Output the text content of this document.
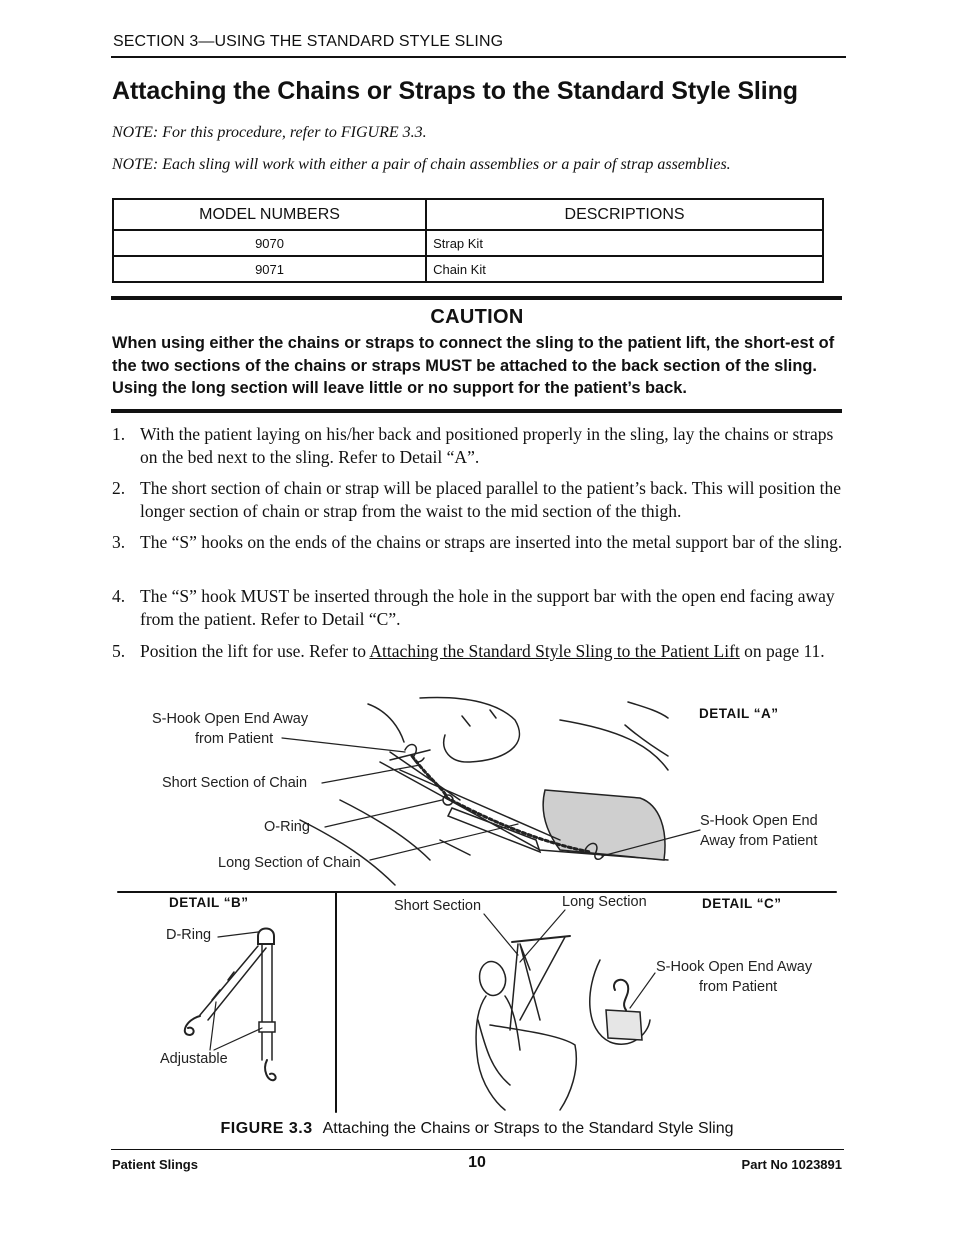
SECTION 3—USING THE STANDARD STYLE SLING
Attaching the Chains or Straps to the Standard Style Sling
NOTE: For this procedure, refer to FIGURE 3.3.
NOTE: Each sling will work with either a pair of chain assemblies or a pair of strap assemblies.
MODEL NUMBERS	DESCRIPTIONS
9070	Strap Kit
9071	Chain Kit
CAUTION
When using either the chains or straps to connect the sling to the patient lift, the short-est of the two sections of the chains or straps MUST be attached to the back section of the sling. Using the long section will leave little or no support for the patient’s back.
1. With the patient laying on his/her back and positioned properly in the sling, lay the chains or straps on the bed next to the sling. Refer to Detail “A”.
2. The short section of chain or strap will be placed parallel to the patient’s back. This will position the longer section of chain or strap from the waist to the mid section of the thigh.
3. The “S” hooks on the ends of the chains or straps are inserted into the metal support bar of the sling.
4. The “S” hook MUST be inserted through the hole in the support bar with the open end facing away from the patient. Refer to Detail “C”.
5. Position the lift for use. Refer to Attaching the Standard Style Sling to the Patient Lift on page 11.
DETAIL “A”
S-Hook Open End Away
from Patient
Short Section of Chain
O-Ring
Long Section of Chain
S-Hook Open End
Away from Patient
DETAIL “B”
D-Ring
Adjustable
DETAIL “C”
Short Section	Long Section
S-Hook Open End Away
from Patient
FIGURE 3.3 Attaching the Chains or Straps to the Standard Style Sling
Patient Slings	10	Part No 1023891
